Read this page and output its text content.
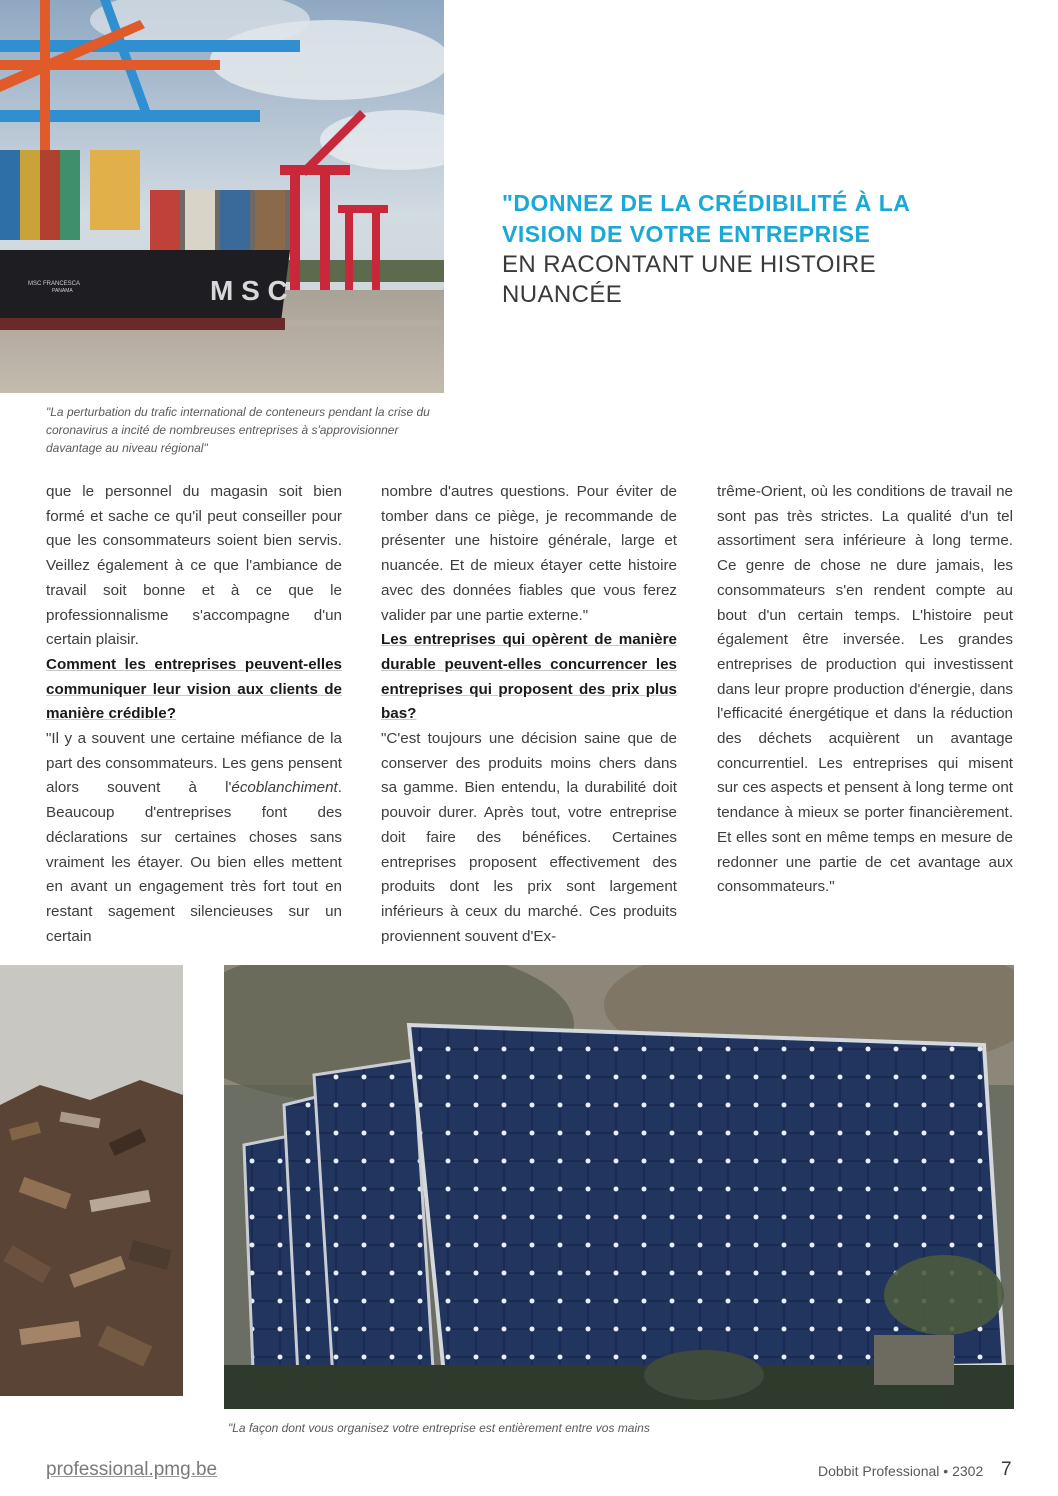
M S C
MSC FRANCESCA
PANAMA
"La perturbation du trafic international de conteneurs pendant la crise du coronavirus a incité de nombreuses entreprises à s'approvisionner davantage au niveau régional"

"DONNEZ DE LA CRÉDIBILITÉ À LA

VISION DE VOTRE ENTREPRISE

EN RACONTANT UNE HISTOIRE

NUANCÉE

que le personnel du magasin soit bien formé et sache ce qu'il peut conseiller pour que les consommateurs soient bien servis. Veillez également à ce que l'ambiance de travail soit bonne et à ce que le professionnalisme s'accompagne d'un certain plaisir.

Comment les entreprises peuvent-elles communiquer leur vision aux clients de manière crédible?

"Il y a souvent une certaine méfiance de la part des consommateurs. Les gens pensent alors souvent à l'écoblanchiment. Beaucoup d'entreprises font des déclarations sur certaines choses sans vraiment les étayer. Ou bien elles mettent en avant un engagement très fort tout en restant sagement silencieuses sur un certain

nombre d'autres questions. Pour éviter de tomber dans ce piège, je recommande de présenter une histoire générale, large et nuancée. Et de mieux étayer cette histoire avec des données fiables que vous ferez valider par une partie externe."

Les entreprises qui opèrent de manière durable peuvent-elles concurrencer les entreprises qui proposent des prix plus bas?

"C'est toujours une décision saine que de conserver des produits moins chers dans sa gamme. Bien entendu, la durabilité doit pouvoir durer. Après tout, votre entreprise doit faire des bénéfices. Certaines entreprises proposent effectivement des produits dont les prix sont largement inférieurs à ceux du marché. Ces produits proviennent souvent d'Ex-

trême-Orient, où les conditions de travail ne sont pas très strictes. La qualité d'un tel assortiment sera inférieure à long terme. Ce genre de chose ne dure jamais, les consommateurs s'en rendent compte au bout d'un certain temps. L'histoire peut également être inversée. Les grandes entreprises de production qui investissent dans leur propre production d'énergie, dans l'efficacité énergétique et dans la réduction des déchets acquièrent un avantage concurrentiel. Les entreprises qui misent sur ces aspects et pensent à long terme ont tendance à mieux se porter financièrement. Et elles sont en même temps en mesure de redonner une partie de cet avantage aux consommateurs."

"La façon dont vous organisez votre entreprise est entièrement entre vos mains
professional.pmg.be	Dobbit Professional • 2302 7
